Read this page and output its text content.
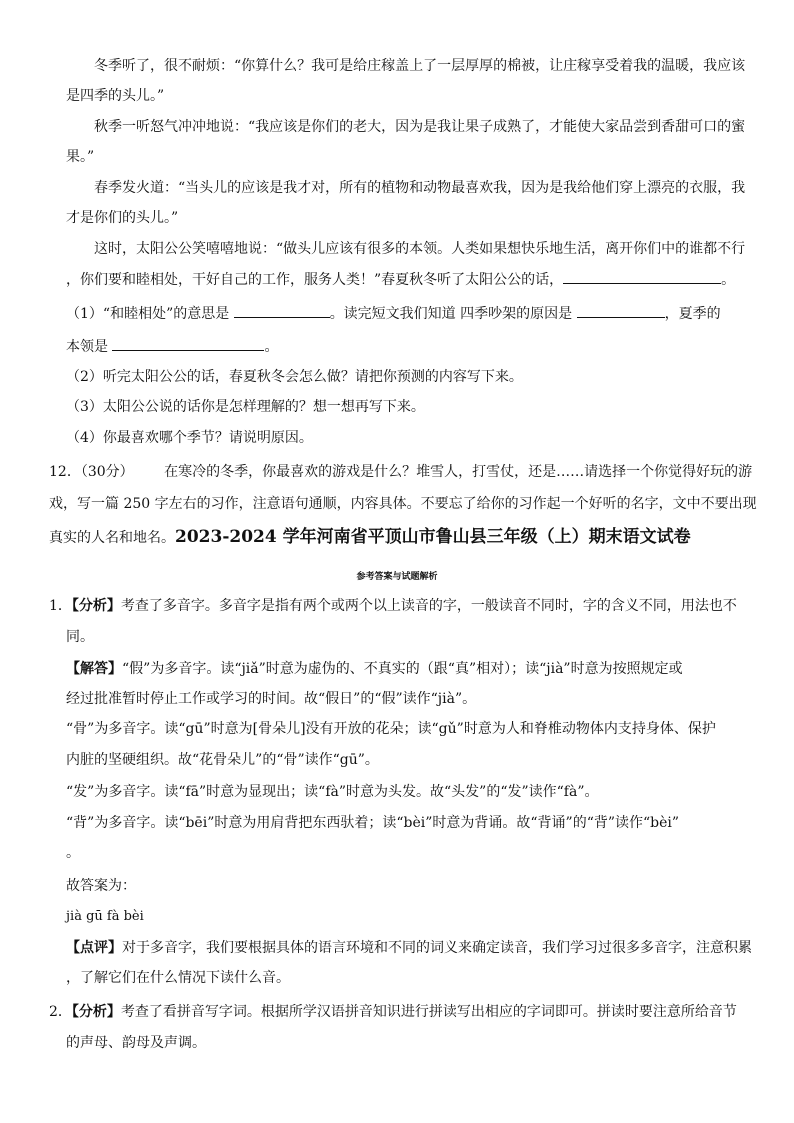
冬季听了，很不耐烦：“你算什么？我可是给庄稼盖上了一层厚厚的棉被，让庄稼享受着我的温暖，我应该
是四季的头儿。”
秋季一听怒气冲冲地说：“我应该是你们的老大，因为是我让果子成熟了，才能使大家品尝到香甜可口的蜜
果。”
春季发火道：“当头儿的应该是我才对，所有的植物和动物最喜欢我，因为是我给他们穿上漂亮的衣服，我
才是你们的头儿。”
这时，太阳公公笑嘻嘻地说：“做头儿应该有很多的本领。人类如果想快乐地生活，离开你们中的谁都不行
，你们要和睦相处，干好自己的工作，服务人类！”春夏秋冬听了太阳公公的话，	。
（1）“和睦相处”的意思是	。读完短文我们知道 四季吵架的原因是	，夏季的
本领是	。
（2）听完太阳公公的话，春夏秋冬会怎么做？请把你预测的内容写下来。
（3）太阳公公说的话你是怎样理解的？想一想再写下来。
（4）你最喜欢哪个季节？请说明原因。
12．（30分） 在寒冷的冬季，你最喜欢的游戏是什么？堆雪人，打雪仗，还是……请选择一个你觉得好玩的游
戏，写一篇 250 字左右的习作，注意语句通顺，内容具体。不要忘了给你的习作起一个好听的名字，文中不要出现
真实的人名和地名。2023-2024 学年河南省平顶山市鲁山县三年级（上）期末语文试卷
参考答案与试题解析
1．【分析】考查了多音字。多音字是指有两个或两个以上读音的字，一般读音不同时，字的含义不同，用法也不
同。
【解答】“假”为多音字。读“jiǎ”时意为虚伪的、不真实的（跟“真”相对）；读“jià”时意为按照规定或
经过批准暂时停止工作或学习的时间。故“假日”的“假”读作“jià”。
“骨”为多音字。读“gū”时意为[骨朵儿]没有开放的花朵；读“gǔ”时意为人和脊椎动物体内支持身体、保护
内脏的坚硬组织。故“花骨朵儿”的“骨”读作“gū”。
“发”为多音字。读“fā”时意为显现出；读“fà”时意为头发。故“头发”的“发”读作“fà”。
“背”为多音字。读“bēi”时意为用肩背把东西驮着；读“bèi”时意为背诵。故“背诵”的“背”读作“bèi”
。
故答案为：
jià gū fà bèi
【点评】对于多音字，我们要根据具体的语言环境和不同的词义来确定读音，我们学习过很多多音字，注意积累
，了解它们在什么情况下读什么音。
2．【分析】考查了看拼音写字词。根据所学汉语拼音知识进行拼读写出相应的字词即可。拼读时要注意所给音节
的声母、韵母及声调。
